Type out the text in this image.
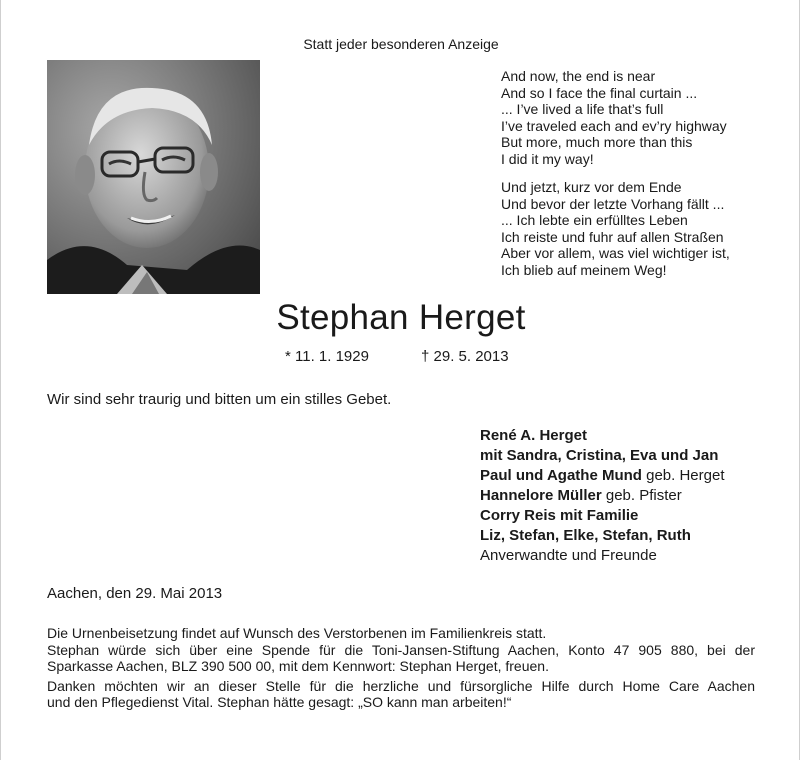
Statt jeder besonderen Anzeige
And now, the end is near
And so I face the final curtain ...
... I’ve lived a life that’s full
I’ve traveled each and ev’ry highway
But more, much more than this
I did it my way!
Und jetzt, kurz vor dem Ende
Und bevor der letzte Vorhang fällt ...
... Ich lebte ein erfülltes Leben
Ich reiste und fuhr auf allen Straßen
Aber vor allem, was viel wichtiger ist,
Ich blieb auf meinem Weg!
Stephan Herget
* 11. 1. 1929	† 29. 5. 2013
Wir sind sehr traurig und bitten um ein stilles Gebet.
René A. Herget
mit Sandra, Cristina, Eva und Jan
Paul und Agathe Mund geb. Herget
Hannelore Müller geb. Pfister
Corry Reis mit Familie
Liz, Stefan, Elke, Stefan, Ruth
Anverwandte und Freunde
Aachen, den 29. Mai 2013
Die Urnenbeisetzung findet auf Wunsch des Verstorbenen im Familienkreis statt.
Stephan würde sich über eine Spende für die Toni-Jansen-Stiftung Aachen, Konto 47 905 880, bei der
Sparkasse Aachen, BLZ 390 500 00, mit dem Kennwort: Stephan Herget, freuen.
Danken möchten wir an dieser Stelle für die herzliche und fürsorgliche Hilfe durch Home Care Aachen
und den Pflegedienst Vital. Stephan hätte gesagt: „SO kann man arbeiten!“
